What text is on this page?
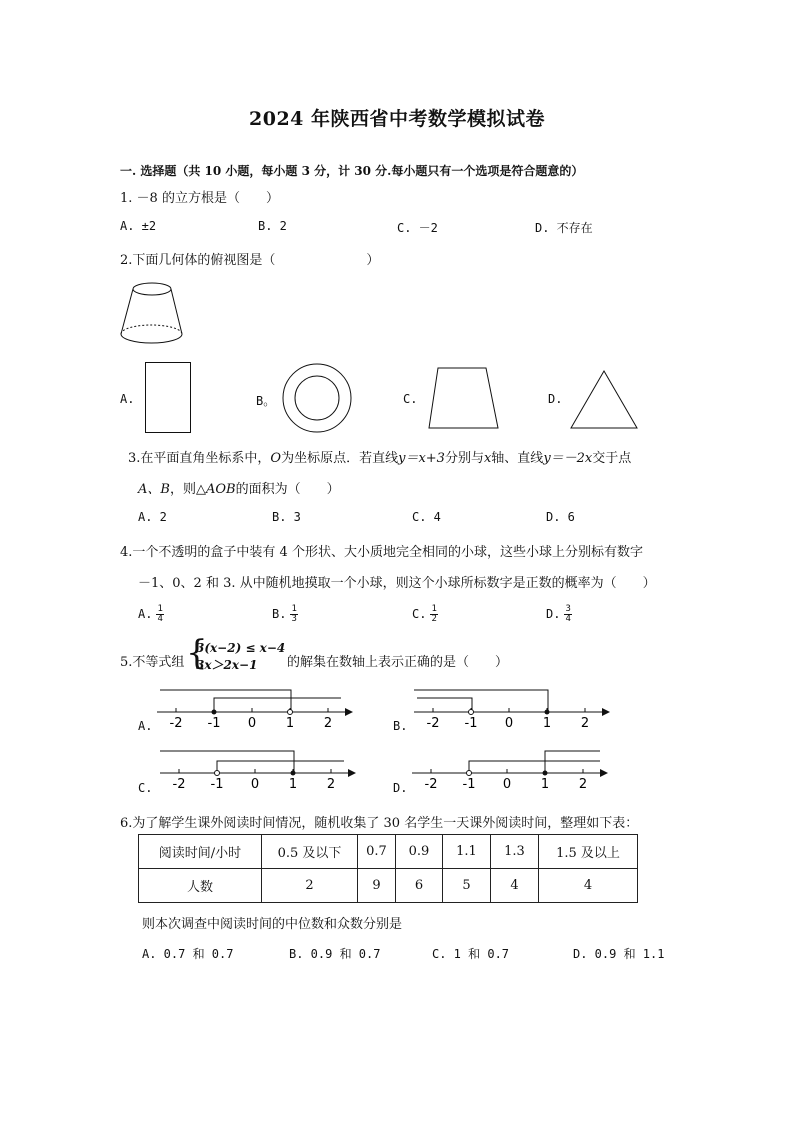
2024 年陕西省中考数学模拟试卷
一. 选择题（共 10 小题，每小题 3 分，计 30 分.每小题只有一个选项是符合题意的）
1. －8 的立方根是（　　）
A. ±2	B. 2	C. －2	D. 不存在
2.下面几何体的俯视图是（　　　　　　　）
A.	B。	C.	D.
3.在平面直角坐标系中，O为坐标原点．若直线y＝x+3分别与x轴、直线y＝－2x交于点
A、B，则△AOB的面积为（　　）
A. 2	B. 3	C. 4	D. 6
4.一个不透明的盒子中装有 4 个形状、大小质地完全相同的小球，这些小球上分别标有数字
－1、0、2 和 3. 从中随机地摸取一个小球，则这个小球所标数字是正数的概率为（　　）
A. $\frac{1}{4}$	B. $\frac{1}{3}$	C. $\frac{1}{2}$	D. $\frac{3}{4}$
5.不等式组 {
3(x−2) ≤ x−4
3x＞2x−1 的解集在数轴上表示正确的是（　　）
A. -2 -1 0 1 2	B. -2 -1 0 1 2
C. -2 -1 0 1 2	D. -2 -1 0 1 2
6.为了解学生课外阅读时间情况，随机收集了 30 名学生一天课外阅读时间，整理如下表：
阅读时间/小时	0.5 及以下	0.7	0.9	1.1	1.3	1.5 及以上
人数	2	9	6	5	4	4
则本次调查中阅读时间的中位数和众数分别是
A. 0.7 和 0.7	B. 0.9 和 0.7	C. 1 和 0.7	D. 0.9 和 1.1
